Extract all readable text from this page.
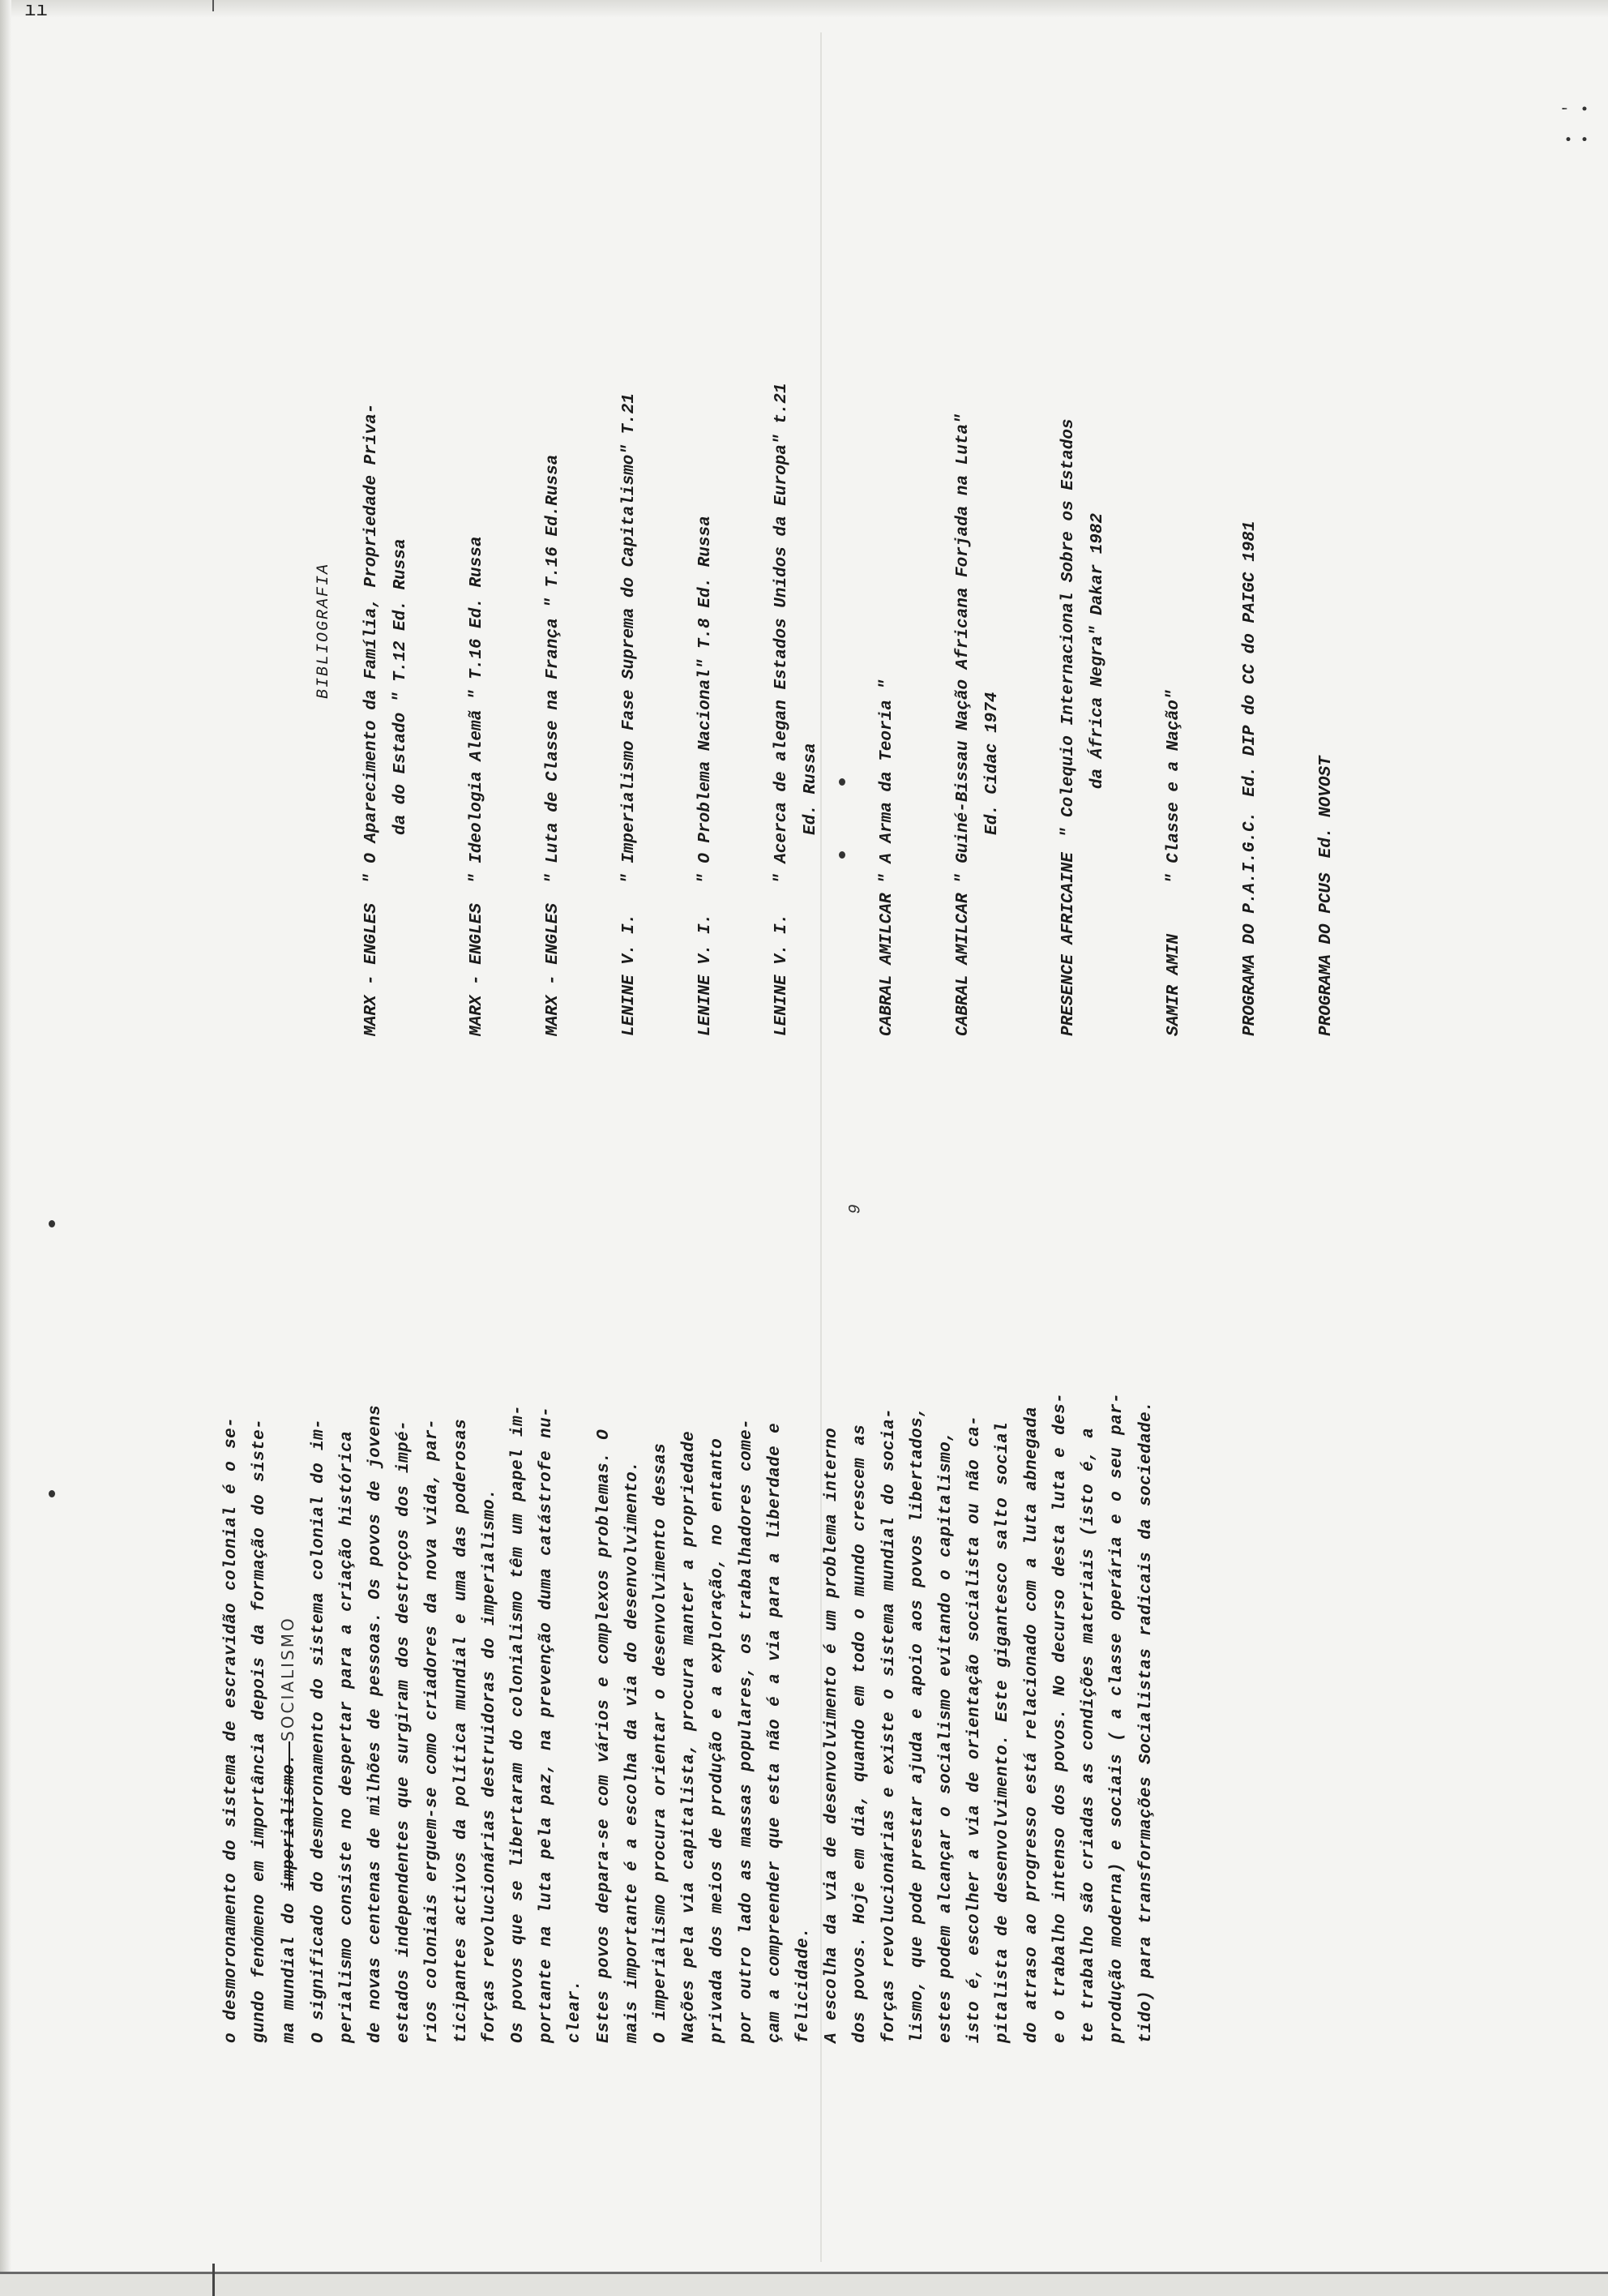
ıı
9
• ' • •

o desmoronamento do sistema de escravidão colonial é o se- gundo fenómeno em importância depois da formação do siste- ma mundial do imperialismo. SOCIALISMO O significado do desmoronamento do sistema colonial do im- perialismo consiste no despertar para a criação histórica de novas centenas de milhões de pessoas. Os povos de jovens estados independentes que surgiram dos destroços dos impé- rios coloniais erguem-se como criadores da nova vida, par- ticipantes activos da política mundial e uma das poderosas forças revolucionárias destruidoras do imperialismo. Os povos que se libertaram do colonialismo têm um papel im- portante na luta pela paz, na prevenção duma catástrofe nu- clear. Estes povos depara-se com vários e complexos problemas. O mais importante é a escolha da via do desenvolvimento. O imperialismo procura orientar o desenvolvimento dessas Nações pela via capitalista, procura manter a propriedade privada dos meios de produção e a exploração, no entanto por outro lado as massas populares, os trabalhadores come- çam a compreender que esta não é a via para a liberdade e felicidade. A escolha da via de desenvolvimento é um problema interno dos povos. Hoje em dia, quando em todo o mundo crescem as forças revolucionárias e existe o sistema mundial do socia- lismo, que pode prestar ajuda e apoio aos povos libertados, estes podem alcançar o socialismo evitando o capitalismo, isto é, escolher a via de orientação socialista ou não ca- pitalista de desenvolvimento. Este gigantesco salto social do atraso ao progresso está relacionado com a luta abnegada e o trabalho intenso dos povos. No decurso desta luta e des- te trabalho são criadas as condições materiais (isto é, a produção moderna) e sociais ( a classe operária e o seu par- tido) para transformações Socialistas radicais da sociedade.

BIBLIOGRAFIA
MARX - ENGLES
" O Aparecimento da Família, Propriedade Priva- da do Estado " T.12 Ed. Russa
MARX - ENGLES
" Ideologia Alemã " T.16 Ed. Russa
MARX - ENGLES
" Luta de Classe na França " T.16 Ed.Russa
LENINE V. I.
" Imperialismo Fase Suprema do Capitalismo" T.21
LENINE V. I.
" O Problema Nacional" T.8 Ed. Russa
LENINE V. I.
" Acerca de alegan Estados Unidos da Europa" t.21 Ed. Russa
CABRAL AMILCAR
" A Arma da Teoria "
CABRAL AMILCAR
" Guiné-Bissau Nação Africana Forjada na Luta" Ed. Cidac 1974
PRESENCE AFRICAINE
" Colequio Internacional Sobre os Estados da África Negra" Dakar 1982
SAMIR AMIN
" Classe e a Nação"
PROGRAMA DO P.A.I.G.C.
Ed. DIP do CC do PAIGC 1981
PROGRAMA DO PCUS
Ed. NOVOST
